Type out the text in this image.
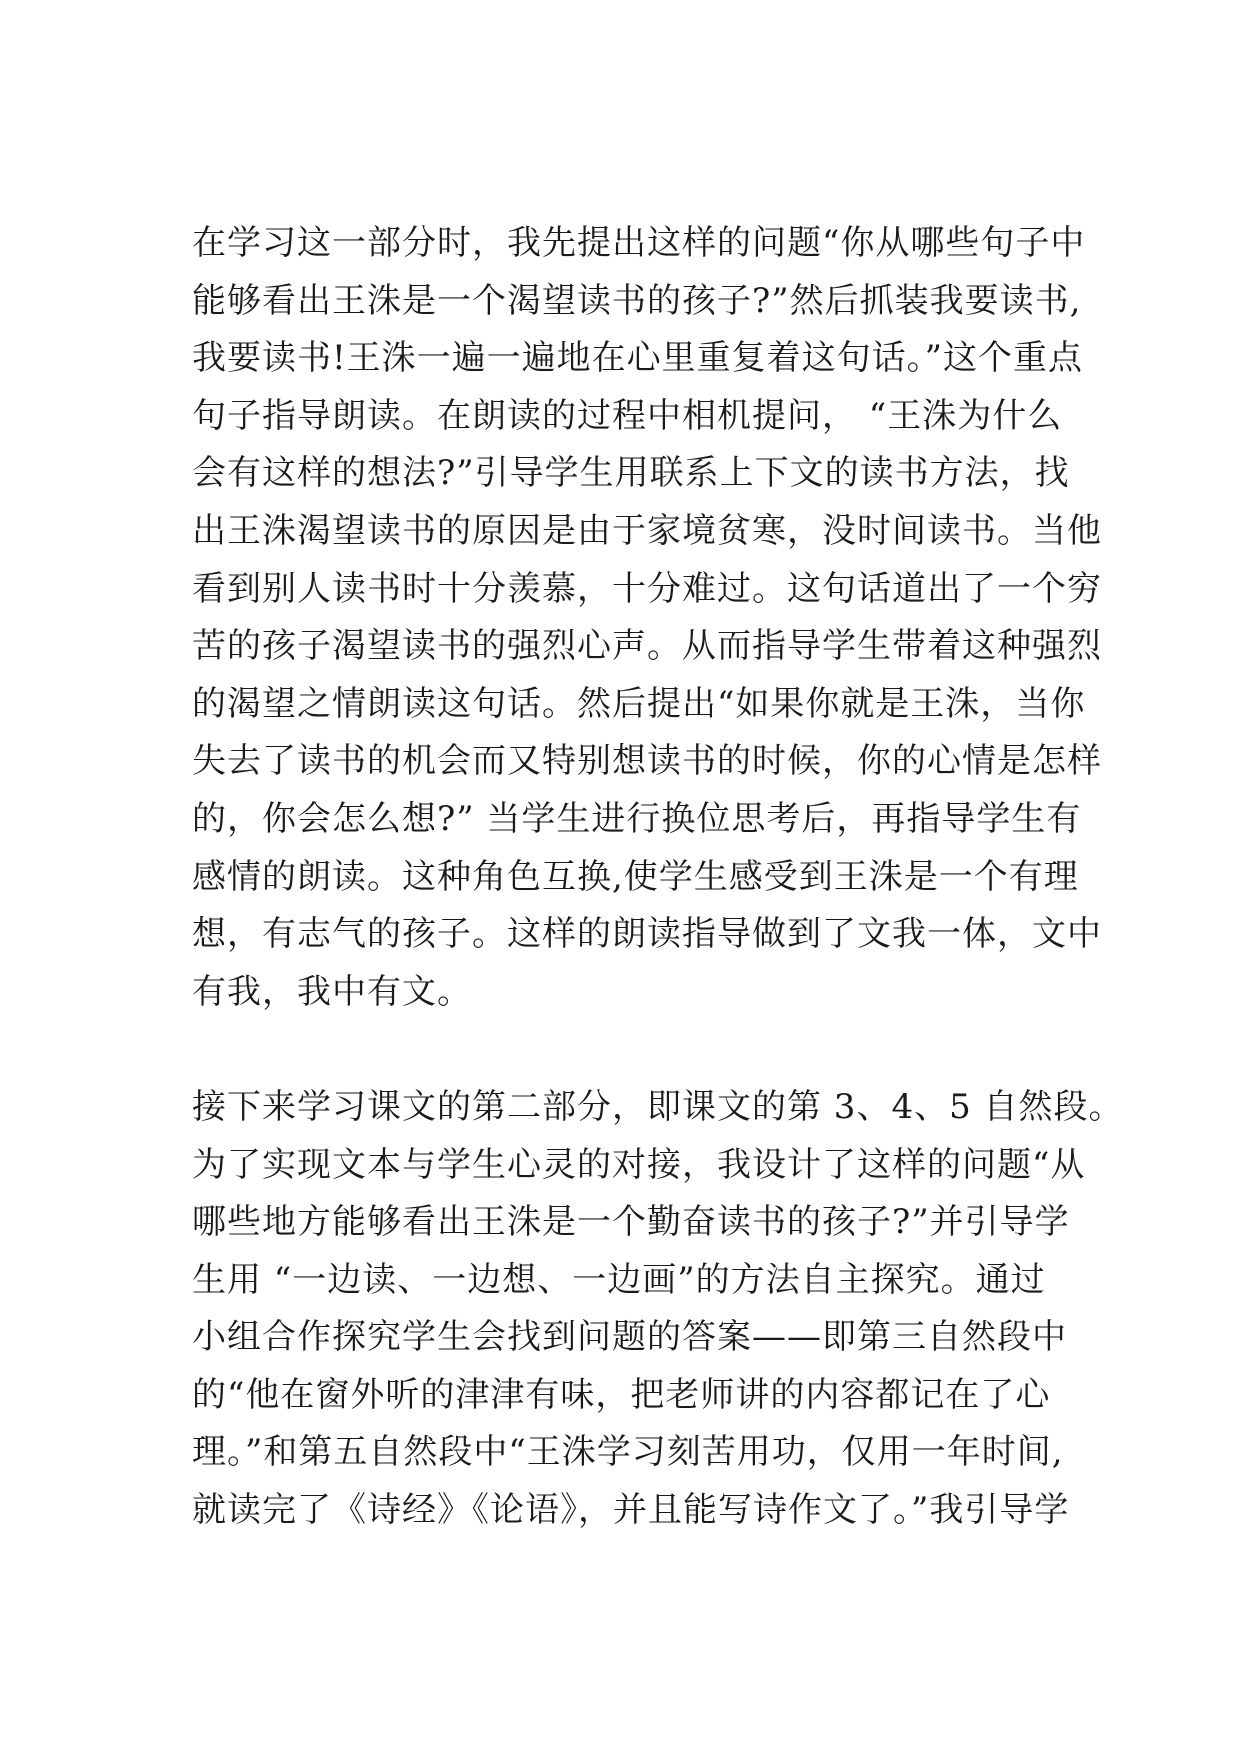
在学习这一部分时，我先提出这样的问题“你从哪些句子中
能够看出王洙是一个渴望读书的孩子?”然后抓装我要读书,
我要读书!王洙一遍一遍地在心里重复着这句话。”这个重点
句子指导朗读。在朗读的过程中相机提问， “王洙为什么
会有这样的想法?”引导学生用联系上下文的读书方法，找
出王洙渴望读书的原因是由于家境贫寒，没时间读书。当他
看到别人读书时十分羡慕，十分难过。这句话道出了一个穷
苦的孩子渴望读书的强烈心声。从而指导学生带着这种强烈
的渴望之情朗读这句话。然后提出“如果你就是王洙，当你
失去了读书的机会而又特别想读书的时候，你的心情是怎样
的，你会怎么想?” 当学生进行换位思考后，再指导学生有
感情的朗读。这种角色互换,使学生感受到王洙是一个有理
想，有志气的孩子。这样的朗读指导做到了文我一体，文中
有我，我中有文。
接下来学习课文的第二部分，即课文的第 3、4、5 自然段。
为了实现文本与学生心灵的对接，我设计了这样的问题“从
哪些地方能够看出王洙是一个勤奋读书的孩子?”并引导学
生用 “一边读、一边想、一边画”的方法自主探究。通过
小组合作探究学生会找到问题的答案——即第三自然段中
的“他在窗外听的津津有味，把老师讲的内容都记在了心
理。”和第五自然段中“王洙学习刻苦用功，仅用一年时间,
就读完了《诗经》《论语》，并且能写诗作文了。”我引导学
